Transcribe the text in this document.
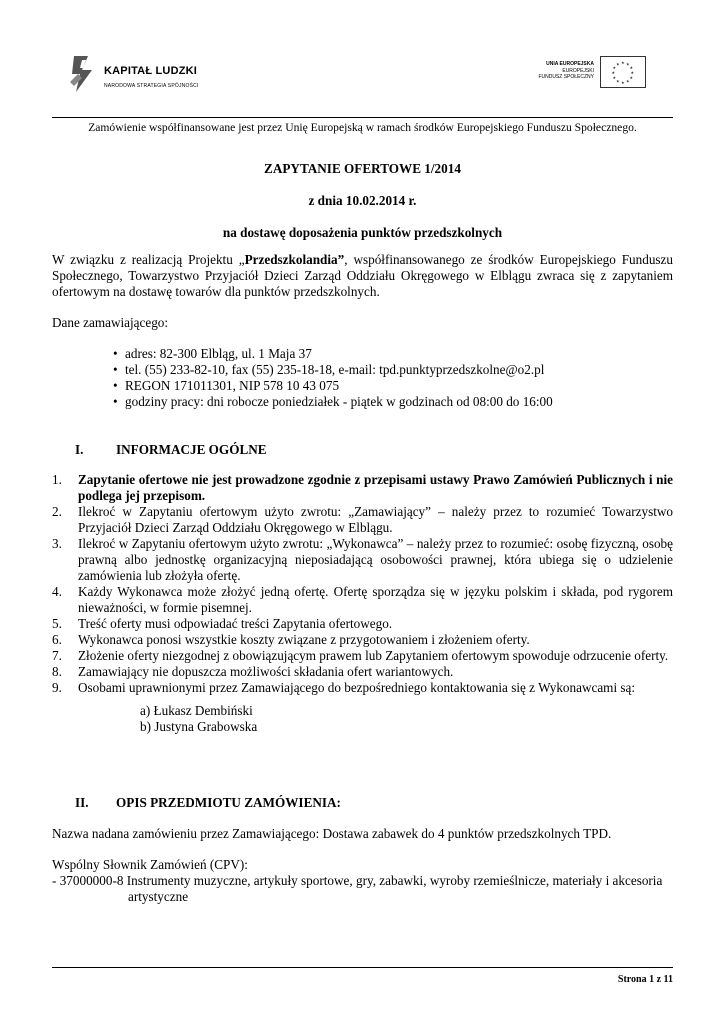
KAPITAŁ LUDZKI
NARODOWA STRATEGIA SPÓJNOŚCI
UNIA EUROPEJSKA
EUROPEJSKI
FUNDUSZ SPOŁECZNY
★ ★
★
★
★
★
★
★
★
★
★
★
Zamówienie współfinansowane jest przez Unię Europejską w ramach środków Europejskiego Funduszu Społecznego.
ZAPYTANIE OFERTOWE 1/2014
z dnia 10.02.2014 r.
na dostawę doposażenia punktów przedszkolnych
W związku z realizacją Projektu „Przedszkolandia”, współfinansowanego ze środków Europejskiego Funduszu Społecznego, Towarzystwo Przyjaciół Dzieci Zarząd Oddziału Okręgowego w Elblągu zwraca się z zapytaniem ofertowym na dostawę towarów dla punktów przedszkolnych.
Dane zamawiającego:
• adres: 82-300 Elbląg, ul. 1 Maja 37
• tel. (55) 233-82-10, fax (55) 235-18-18, e-mail: tpd.punktyprzedszkolne@o2.pl
• REGON 171011301, NIP 578 10 43 075
• godziny pracy: dni robocze poniedziałek - piątek w godzinach od 08:00 do 16:00
I. INFORMACJE OGÓLNE
1. Zapytanie ofertowe nie jest prowadzone zgodnie z przepisami ustawy Prawo Zamówień Publicznych i nie podlega jej przepisom.
2. Ilekroć w Zapytaniu ofertowym użyto zwrotu: „Zamawiający” – należy przez to rozumieć Towarzystwo Przyjaciół Dzieci Zarząd Oddziału Okręgowego w Elblągu.
3. Ilekroć w Zapytaniu ofertowym użyto zwrotu: „Wykonawca” – należy przez to rozumieć: osobę fizyczną, osobę prawną albo jednostkę organizacyjną nieposiadającą osobowości prawnej, która ubiega się o udzielenie zamówienia lub złożyła ofertę.
4. Każdy Wykonawca może złożyć jedną ofertę. Ofertę sporządza się w języku polskim i składa, pod rygorem nieważności, w formie pisemnej.
5. Treść oferty musi odpowiadać treści Zapytania ofertowego.
6. Wykonawca ponosi wszystkie koszty związane z przygotowaniem i złożeniem oferty.
7. Złożenie oferty niezgodnej z obowiązującym prawem lub Zapytaniem ofertowym spowoduje odrzucenie oferty.
8. Zamawiający nie dopuszcza możliwości składania ofert wariantowych.
9. Osobami uprawnionymi przez Zamawiającego do bezpośredniego kontaktowania się z Wykonawcami są:
a) Łukasz Dembiński
b) Justyna Grabowska
II. OPIS PRZEDMIOTU ZAMÓWIENIA:
Nazwa nadana zamówieniu przez Zamawiającego: Dostawa zabawek do 4 punktów przedszkolnych TPD.
Wspólny Słownik Zamówień (CPV):
- 37000000-8 Instrumenty muzyczne, artykuły sportowe, gry, zabawki, wyroby rzemieślnicze, materiały i akcesoria
artystyczne
Strona 1 z 11
